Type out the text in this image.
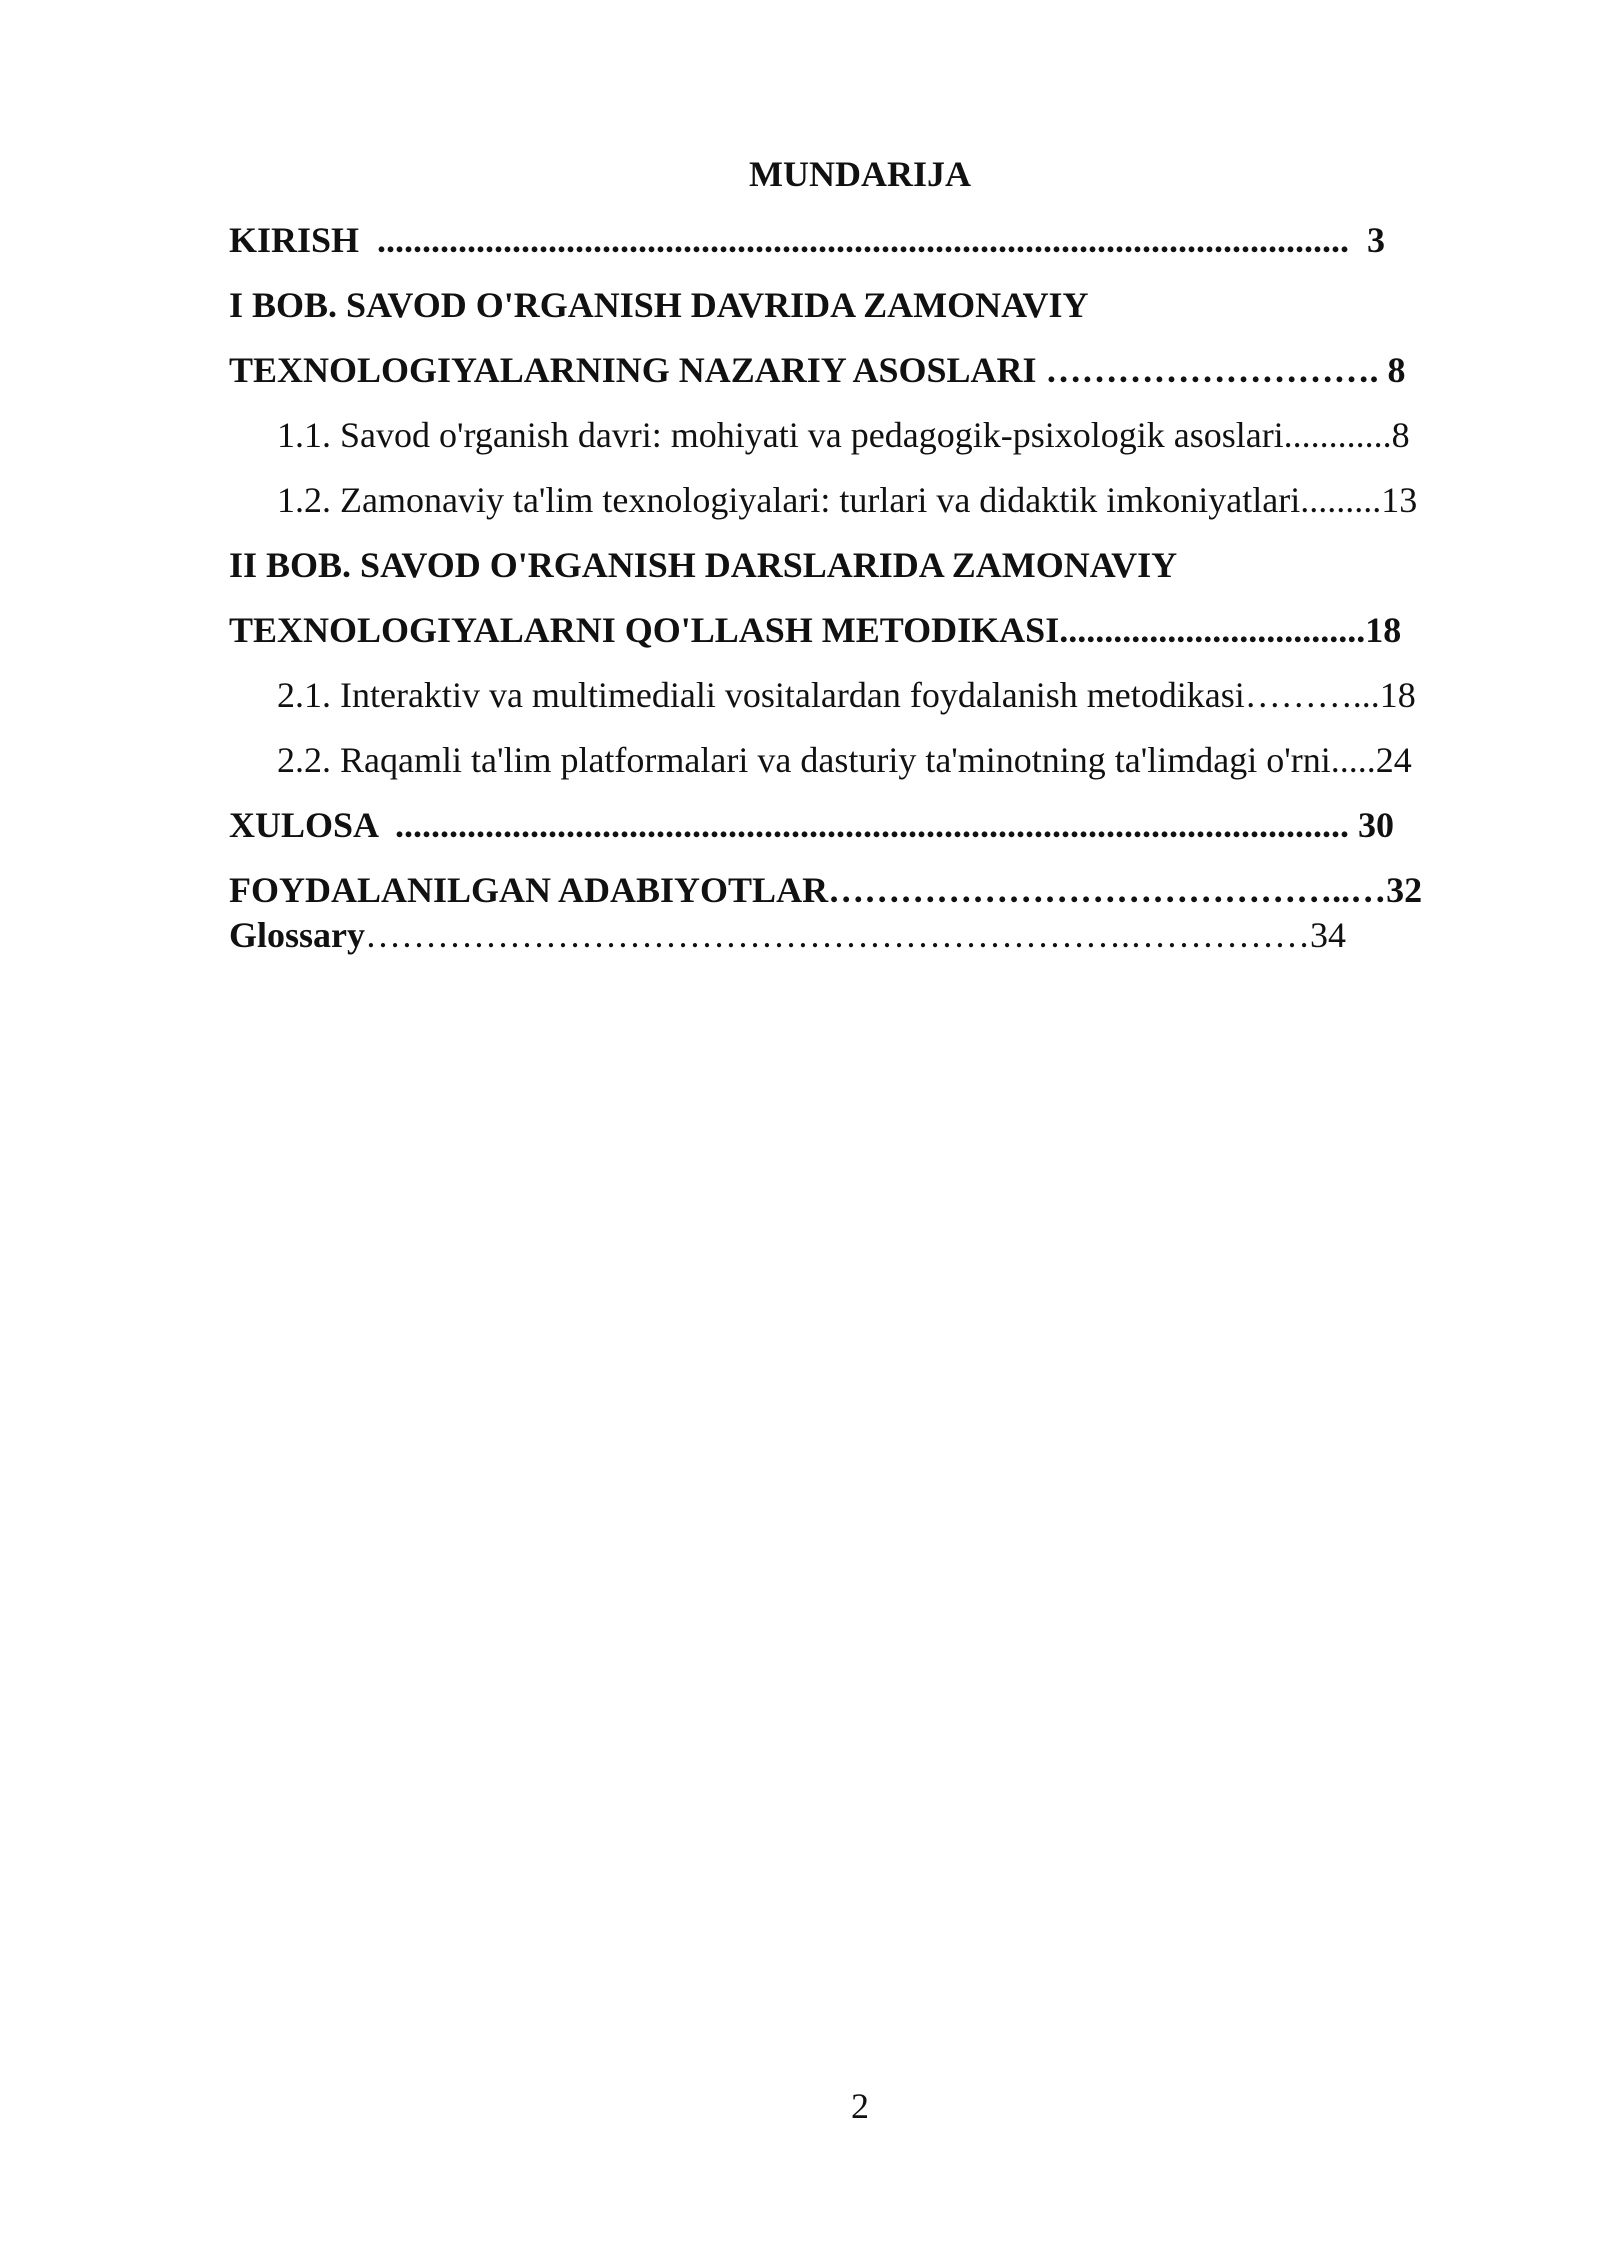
MUNDARIJA
KIRISH  ............................................................................................................  3
I BOB. SAVOD O'RGANISH DAVRIDA ZAMONAVIY
TEXNOLOGIYALARNING NAZARIY ASOSLARI ………………………. 8
1.1. Savod o'rganish davri: mohiyati va pedagogik-psixologik asoslari............8
1.2. Zamonaviy ta'lim texnologiyalari: turlari va didaktik imkoniyatlari.........13
II BOB. SAVOD O'RGANISH DARSLARIDA ZAMONAVIY
TEXNOLOGIYALARNI QO'LLASH METODIKASI..................................18
2.1. Interaktiv va multimediali vositalardan foydalanish metodikasi………...18
2.2. Raqamli ta'lim platformalari va dasturiy ta'minotning ta'limdagi o'rni.....24
XULOSA  .......................................................................................................... 30
FOYDALANILGAN ADABIYOTLAR……………………………………..…32
Glossary……………………………………………………….……………34
2
